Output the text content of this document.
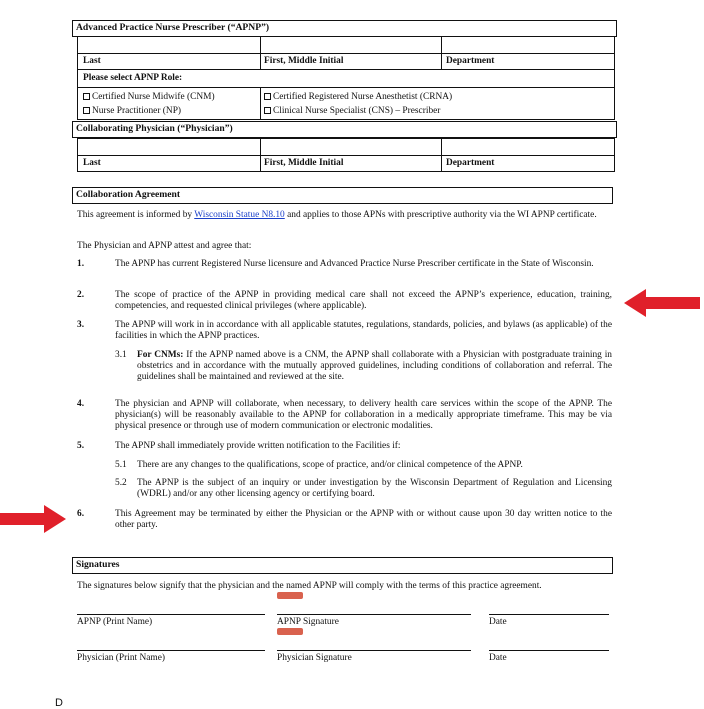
Advanced Practice Nurse Prescriber (“APNP”)
Last	First, Middle Initial	Department
Please select APNP Role:
Certified Nurse Midwife (CNM)
Nurse Practitioner (NP)
Certified Registered Nurse Anesthetist (CRNA)
Clinical Nurse Specialist (CNS) – Prescriber
Collaborating Physician (“Physician”)
Last	First, Middle Initial	Department
Collaboration Agreement
This agreement is informed by Wisconsin Statue N8.10 and applies to those APNs with prescriptive authority via the WI APNP certificate.
The Physician and APNP attest and agree that:
1.	The APNP has current Registered Nurse licensure and Advanced Practice Nurse Prescriber certificate in the State of Wisconsin.
2.	The scope of practice of the APNP in providing medical care shall not exceed the APNP’s experience, education, training, competencies, and requested clinical privileges (where applicable).
3.	The APNP will work in in accordance with all applicable statutes, regulations, standards, policies, and bylaws (as applicable) of the facilities in which the APNP practices.
3.1 For CNMs: If the APNP named above is a CNM, the APNP shall collaborate with a Physician with postgraduate training in obstetrics and in accordance with the mutually approved guidelines, including conditions of collaboration and referral. The guidelines shall be maintained and reviewed at the site.
4.	The physician and APNP will collaborate, when necessary, to delivery health care services within the scope of the APNP. The physician(s) will be reasonably available to the APNP for collaboration in a medically appropriate timeframe. This may be via physical presence or through use of modern communication or electronic modalities.
5.	The APNP shall immediately provide written notification to the Facilities if:
5.1 There are any changes to the qualifications, scope of practice, and/or clinical competence of the APNP.
5.2 The APNP is the subject of an inquiry or under investigation by the Wisconsin Department of Regulation and Licensing (WDRL) and/or any other licensing agency or certifying board.
6.	This Agreement may be terminated by either the Physician or the APNP with or without cause upon 30 day written notice to the other party.
Signatures
The signatures below signify that the physician and the named APNP will comply with the terms of this practice agreement.
APNP (Print Name)	APNP Signature	Date
Physician (Print Name)	Physician Signature	Date
D
